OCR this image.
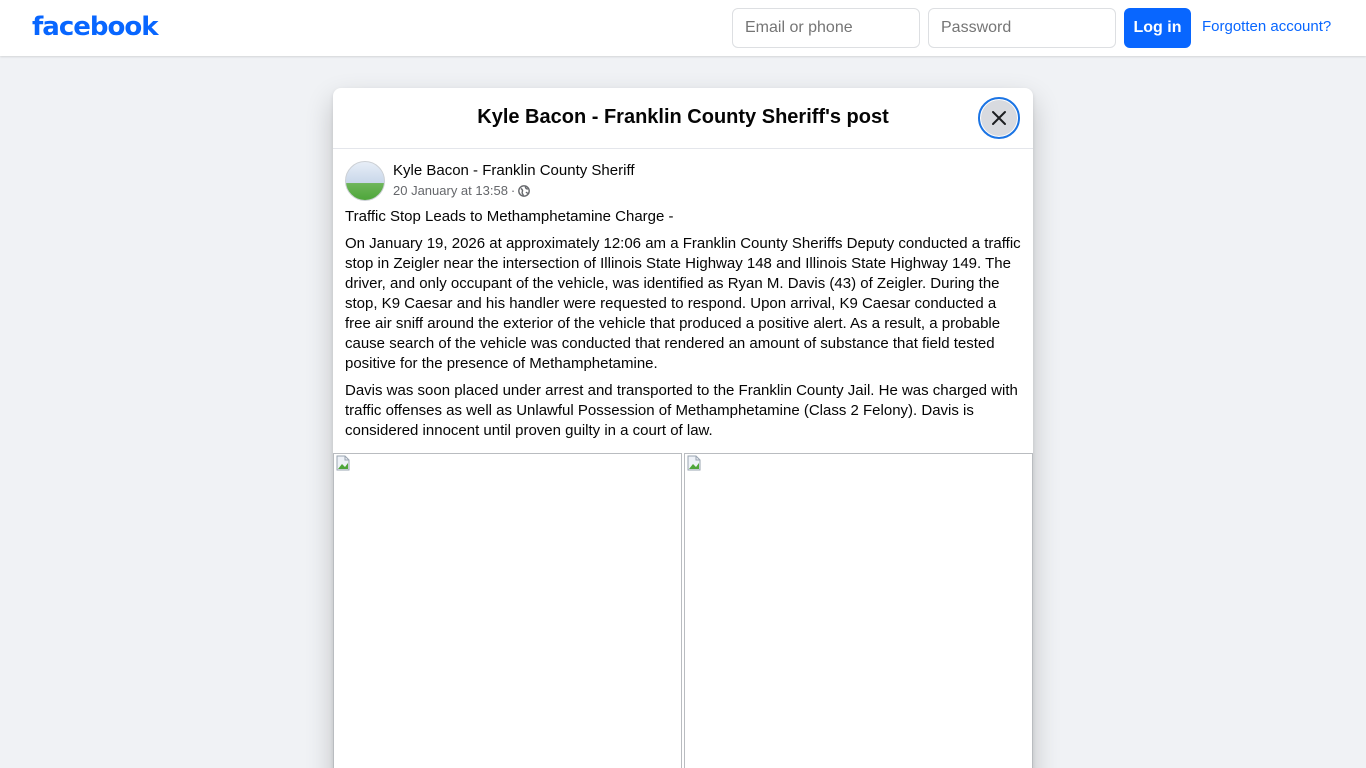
facebook
Email or phone	Log in	Forgotten account?
Kyle Bacon - Franklin County Sheriff's post
Kyle Bacon - Franklin County Sheriff
20 January at 13:58 ·

Traffic Stop Leads to Methamphetamine Charge -

On January 19, 2026 at approximately 12:06 am a Franklin County Sheriffs Deputy conducted a traffic stop in Zeigler near the intersection of Illinois State Highway 148 and Illinois State Highway 149. The driver, and only occupant of the vehicle, was identified as Ryan M. Davis (43) of Zeigler. During the stop, K9 Caesar and his handler were requested to respond. Upon arrival, K9 Caesar conducted a free air sniff around the exterior of the vehicle that produced a positive alert. As a result, a probable cause search of the vehicle was conducted that rendered an amount of substance that field tested positive for the presence of Methamphetamine.

Davis was soon placed under arrest and transported to the Franklin County Jail. He was charged with traffic offenses as well as Unlawful Possession of Methamphetamine (Class 2 Felony). Davis is considered innocent until proven guilty in a court of law.
